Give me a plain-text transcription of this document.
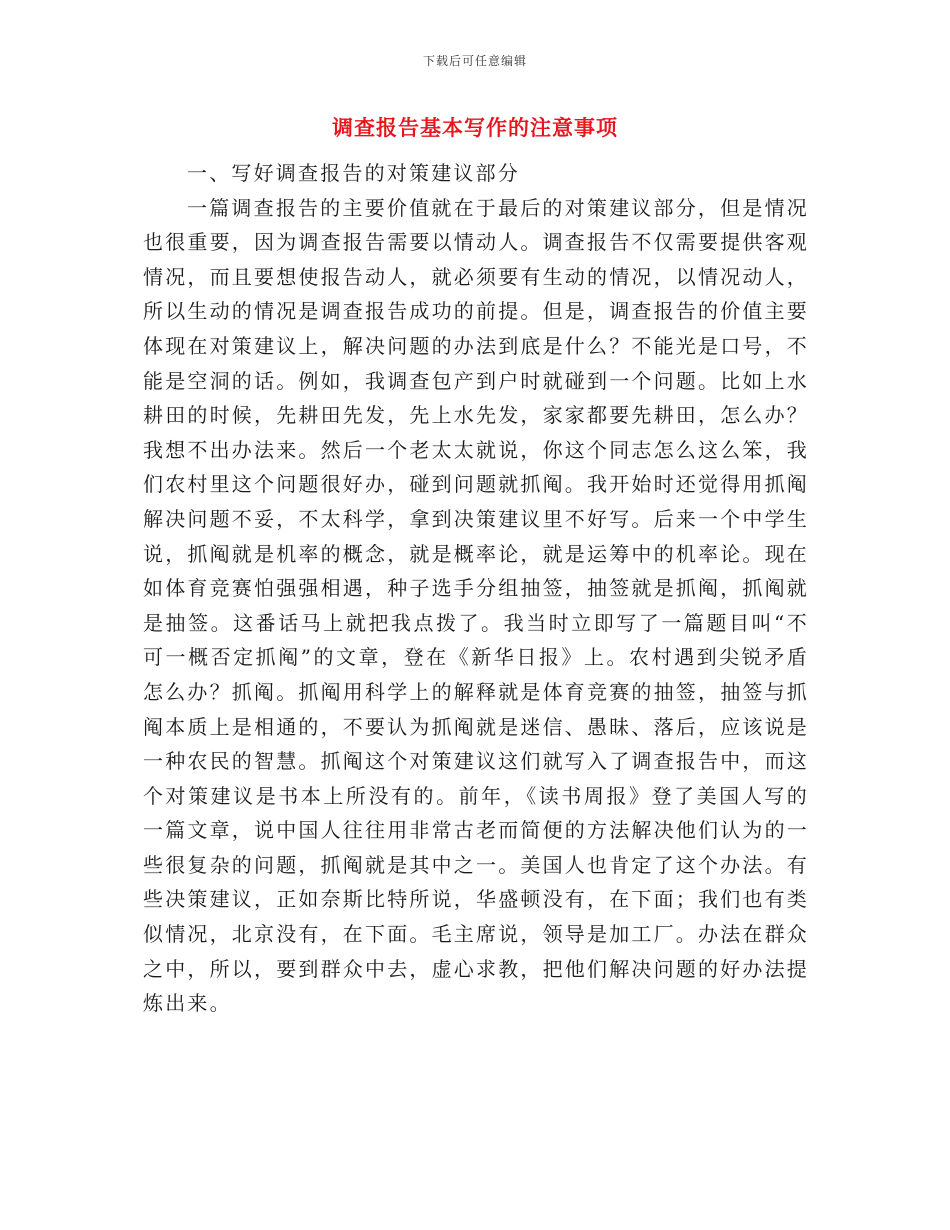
下载后可任意编辑
调查报告基本写作的注意事项

一、写好调查报告的对策建议部分

一篇调查报告的主要价值就在于最后的对策建议部分，但是情况也很重要，因为调查报告需要以情动人。调查报告不仅需要提供客观情况，而且要想使报告动人，就必须要有生动的情况，以情况动人，所以生动的情况是调查报告成功的前提。但是，调查报告的价值主要体现在对策建议上，解决问题的办法到底是什么？不能光是口号，不能是空洞的话。例如，我调查包产到户时就碰到一个问题。比如上水耕田的时候，先耕田先发，先上水先发，家家都要先耕田，怎么办？我想不出办法来。然后一个老太太就说，你这个同志怎么这么笨，我们农村里这个问题很好办，碰到问题就抓阄。我开始时还觉得用抓阄解决问题不妥，不太科学，拿到决策建议里不好写。后来一个中学生说，抓阄就是机率的概念，就是概率论，就是运筹中的机率论。现在如体育竞赛怕强强相遇，种子选手分组抽签，抽签就是抓阄，抓阄就是抽签。这番话马上就把我点拨了。我当时立即写了一篇题目叫“不可一概否定抓阄”的文章，登在《新华日报》上。农村遇到尖锐矛盾怎么办？抓阄。抓阄用科学上的解释就是体育竞赛的抽签，抽签与抓阄本质上是相通的，不要认为抓阄就是迷信、愚昧、落后，应该说是一种农民的智慧。抓阄这个对策建议这们就写入了调查报告中，而这个对策建议是书本上所没有的。前年，《读书周报》登了美国人写的一篇文章，说中国人往往用非常古老而简便的方法解决他们认为的一些很复杂的问题，抓阄就是其中之一。美国人也肯定了这个办法。有些决策建议，正如奈斯比特所说，华盛顿没有，在下面；我们也有类似情况，北京没有，在下面。毛主席说，领导是加工厂。办法在群众之中，所以，要到群众中去，虚心求教，把他们解决问题的好办法提炼出来。
